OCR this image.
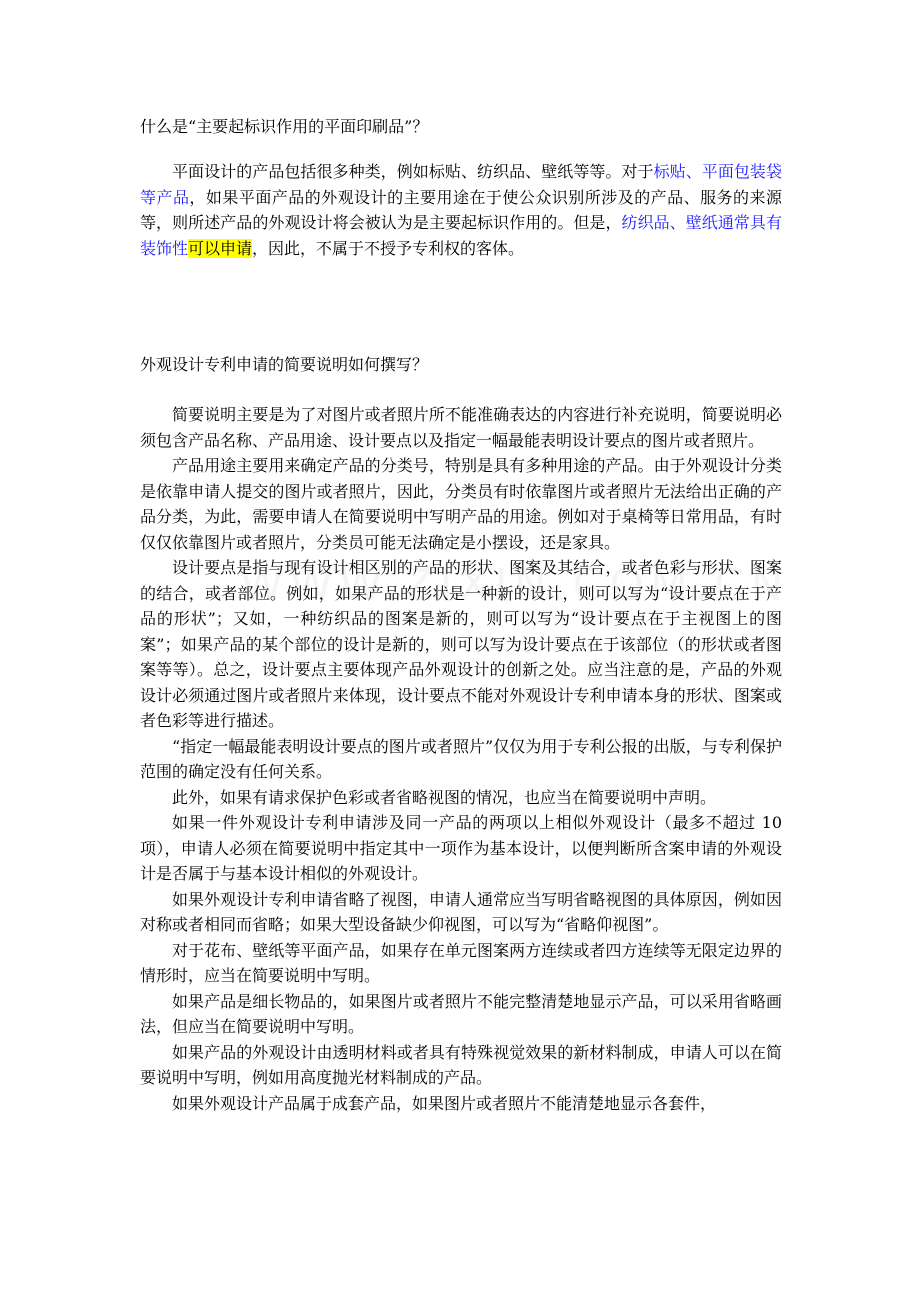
什么是“主要起标识作用的平面印刷品”？

平面设计的产品包括很多种类，例如标贴、纺织品、壁纸等等。对于标贴、平面包装袋等产品，如果平面产品的外观设计的主要用途在于使公众识别所涉及的产品、服务的来源等，则所述产品的外观设计将会被认为是主要起标识作用的。但是，纺织品、壁纸通常具有装饰性可以申请，因此，不属于不授予专利权的客体。

外观设计专利申请的简要说明如何撰写？

简要说明主要是为了对图片或者照片所不能准确表达的内容进行补充说明，简要说明必须包含产品名称、产品用途、设计要点以及指定一幅最能表明设计要点的图片或者照片。

产品用途主要用来确定产品的分类号，特别是具有多种用途的产品。由于外观设计分类是依靠申请人提交的图片或者照片，因此，分类员有时依靠图片或者照片无法给出正确的产品分类，为此，需要申请人在简要说明中写明产品的用途。例如对于桌椅等日常用品，有时仅仅依靠图片或者照片，分类员可能无法确定是小摆设，还是家具。

设计要点是指与现有设计相区别的产品的形状、图案及其结合，或者色彩与形状、图案的结合，或者部位。例如，如果产品的形状是一种新的设计，则可以写为“设计要点在于产品的形状”；又如，一种纺织品的图案是新的，则可以写为“设计要点在于主视图上的图案”；如果产品的某个部位的设计是新的，则可以写为设计要点在于该部位（的形状或者图案等等）。总之，设计要点主要体现产品外观设计的创新之处。应当注意的是，产品的外观设计必须通过图片或者照片来体现，设计要点不能对外观设计专利申请本身的形状、图案或者色彩等进行描述。

“指定一幅最能表明设计要点的图片或者照片”仅仅为用于专利公报的出版，与专利保护范围的确定没有任何关系。

此外，如果有请求保护色彩或者省略视图的情况，也应当在简要说明中声明。

如果一件外观设计专利申请涉及同一产品的两项以上相似外观设计（最多不超过 10 项），申请人必须在简要说明中指定其中一项作为基本设计，以便判断所含案申请的外观设计是否属于与基本设计相似的外观设计。

如果外观设计专利申请省略了视图，申请人通常应当写明省略视图的具体原因，例如因对称或者相同而省略；如果大型设备缺少仰视图，可以写为“省略仰视图”。

对于花布、壁纸等平面产品，如果存在单元图案两方连续或者四方连续等无限定边界的情形时，应当在简要说明中写明。

如果产品是细长物品的，如果图片或者照片不能完整清楚地显示产品，可以采用省略画法，但应当在简要说明中写明。

如果产品的外观设计由透明材料或者具有特殊视觉效果的新材料制成，申请人可以在简要说明中写明，例如用高度抛光材料制成的产品。

如果外观设计产品属于成套产品，如果图片或者照片不能清楚地显示各套件，
